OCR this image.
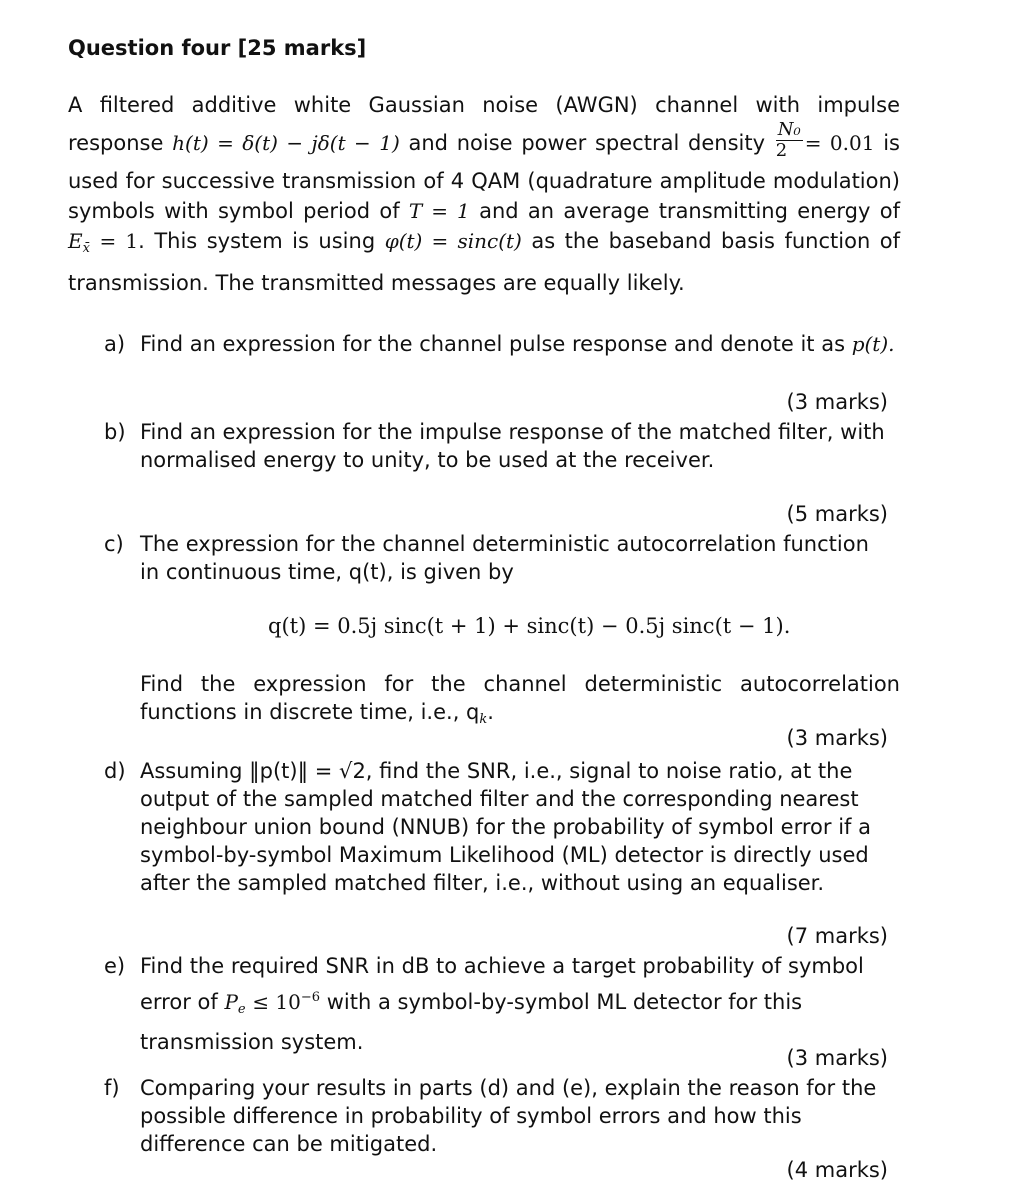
Question four [25 marks]
A filtered additive white Gaussian noise (AWGN) channel with impulse
response h(t) = δ(t) − jδ(t − 1) and noise power spectral density $\frac{\text{N₀}}{2} = 0.01$ is
used for successive transmission of 4 QAM (quadrature amplitude modulation)
symbols with symbol period of T = 1 and an average transmitting energy of
$E_{x̄} = 1$. This system is using φ(t) = sinc(t) as the baseband basis function of
transmission. The transmitted messages are equally likely.
a) Find an expression for the channel pulse response and denote it as p(t).
(3 marks)
b) Find an expression for the impulse response of the matched filter, with
normalised energy to unity, to be used at the receiver.
(5 marks)
c) The expression for the channel deterministic autocorrelation function
in continuous time, q(t), is given by
q(t) = 0.5j sinc(t + 1) + sinc(t) − 0.5j sinc(t − 1).
Find the expression for the channel deterministic autocorrelation
functions in discrete time, i.e., $q_k$.
(3 marks)
d) Assuming ‖p(t)‖ = √2, find the SNR, i.e., signal to noise ratio, at the
output of the sampled matched filter and the corresponding nearest
neighbour union bound (NNUB) for the probability of symbol error if a
symbol-by-symbol Maximum Likelihood (ML) detector is directly used
after the sampled matched filter, i.e., without using an equaliser.
(7 marks)
e) Find the required SNR in dB to achieve a target probability of symbol
error of $P_e \le 10^{-6}$ with a symbol-by-symbol ML detector for this
transmission system.
(3 marks)
f) Comparing your results in parts (d) and (e), explain the reason for the
possible difference in probability of symbol errors and how this
difference can be mitigated.
(4 marks)
